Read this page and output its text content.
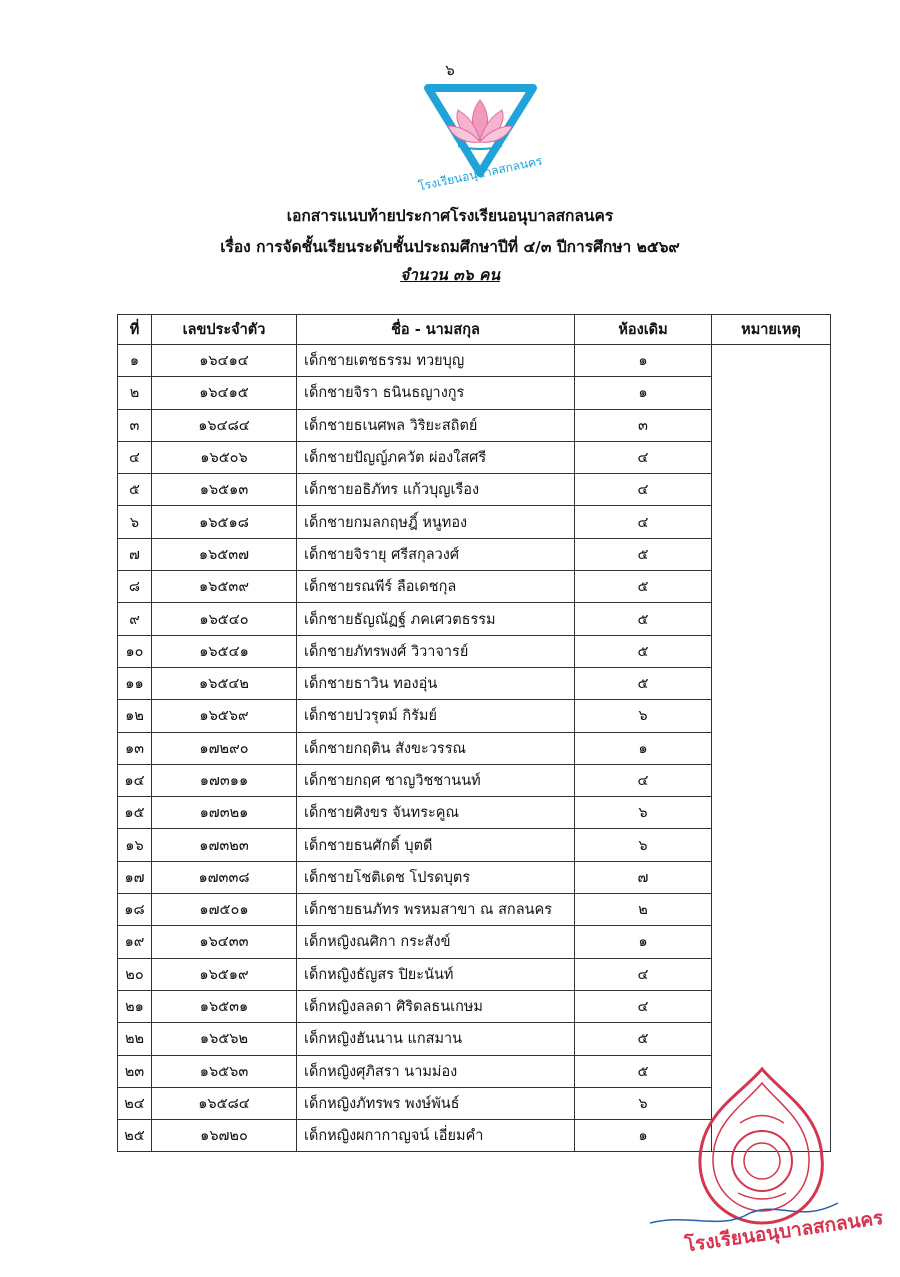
๖
โรงเรียนอนุบาลสกลนคร
เอกสารแนบท้ายประกาศโรงเรียนอนุบาลสกลนคร
เรื่อง การจัดชั้นเรียนระดับชั้นประถมศึกษาปีที่ ๔/๓ ปีการศึกษา ๒๕๖๙
จำนวน ๓๖ คน
ที่	เลขประจำตัว	ชื่อ - นามสกุล	ห้องเดิม	หมายเหตุ
๑	๑๖๔๑๔	เด็กชายเตชธรรม ทวยบุญ	๑	
๒	๑๖๔๑๕	เด็กชายจิรา ธนินธญางกูร	๑	
๓	๑๖๔๘๔	เด็กชายธเนศพล วิริยะสถิตย์	๓	
๔	๑๖๕๐๖	เด็กชายปัญญ์ภควัต ผ่องใสศรี	๔	
๕	๑๖๕๑๓	เด็กชายอธิภัทร แก้วบุญเรือง	๔	
๖	๑๖๕๑๘	เด็กชายกมลกฤษฎิ์ หนูทอง	๔	
๗	๑๖๕๓๗	เด็กชายจิรายุ ศรีสกุลวงศ์	๕	
๘	๑๖๕๓๙	เด็กชายรณพีร์ ลือเดชกุล	๕	
๙	๑๖๕๔๐	เด็กชายธัญณัฏฐ์ ภคเศวตธรรม	๕	
๑๐	๑๖๕๔๑	เด็กชายภัทรพงศ์ วิวาจารย์	๕	
๑๑	๑๖๕๔๒	เด็กชายธาวิน ทองอุ่น	๕	
๑๒	๑๖๕๖๙	เด็กชายปวรุตม์ กิรัมย์	๖	
๑๓	๑๗๒๙๐	เด็กชายกฤติน สังขะวรรณ	๑	
๑๔	๑๗๓๑๑	เด็กชายกฤศ ชาญวิชชานนท์	๔	
๑๕	๑๗๓๒๑	เด็กชายศิงขร จันทระคูณ	๖	
๑๖	๑๗๓๒๓	เด็กชายธนศักดิ์ บุตดี	๖	
๑๗	๑๗๓๓๘	เด็กชายโชติเดช โปรดบุตร	๗	
๑๘	๑๗๕๐๑	เด็กชายธนภัทร พรหมสาขา ณ สกลนคร	๒	
๑๙	๑๖๔๓๓	เด็กหญิงณศิกา กระสังข์	๑	
๒๐	๑๖๕๑๙	เด็กหญิงธัญสร ปิยะนันท์	๔	
๒๑	๑๖๕๓๑	เด็กหญิงลลดา ศิริดลธนเกษม	๔	
๒๒	๑๖๕๖๒	เด็กหญิงฮันนาน แกสมาน	๕	
๒๓	๑๖๕๖๓	เด็กหญิงศุภิสรา นามม่อง	๕	
๒๔	๑๖๕๘๔	เด็กหญิงภัทรพร พงษ์พันธ์	๖	
๒๕	๑๖๗๒๐	เด็กหญิงผกากาญจน์ เอี่ยมคำ	๑	
โรงเรียนอนุบาลสกลนคร
